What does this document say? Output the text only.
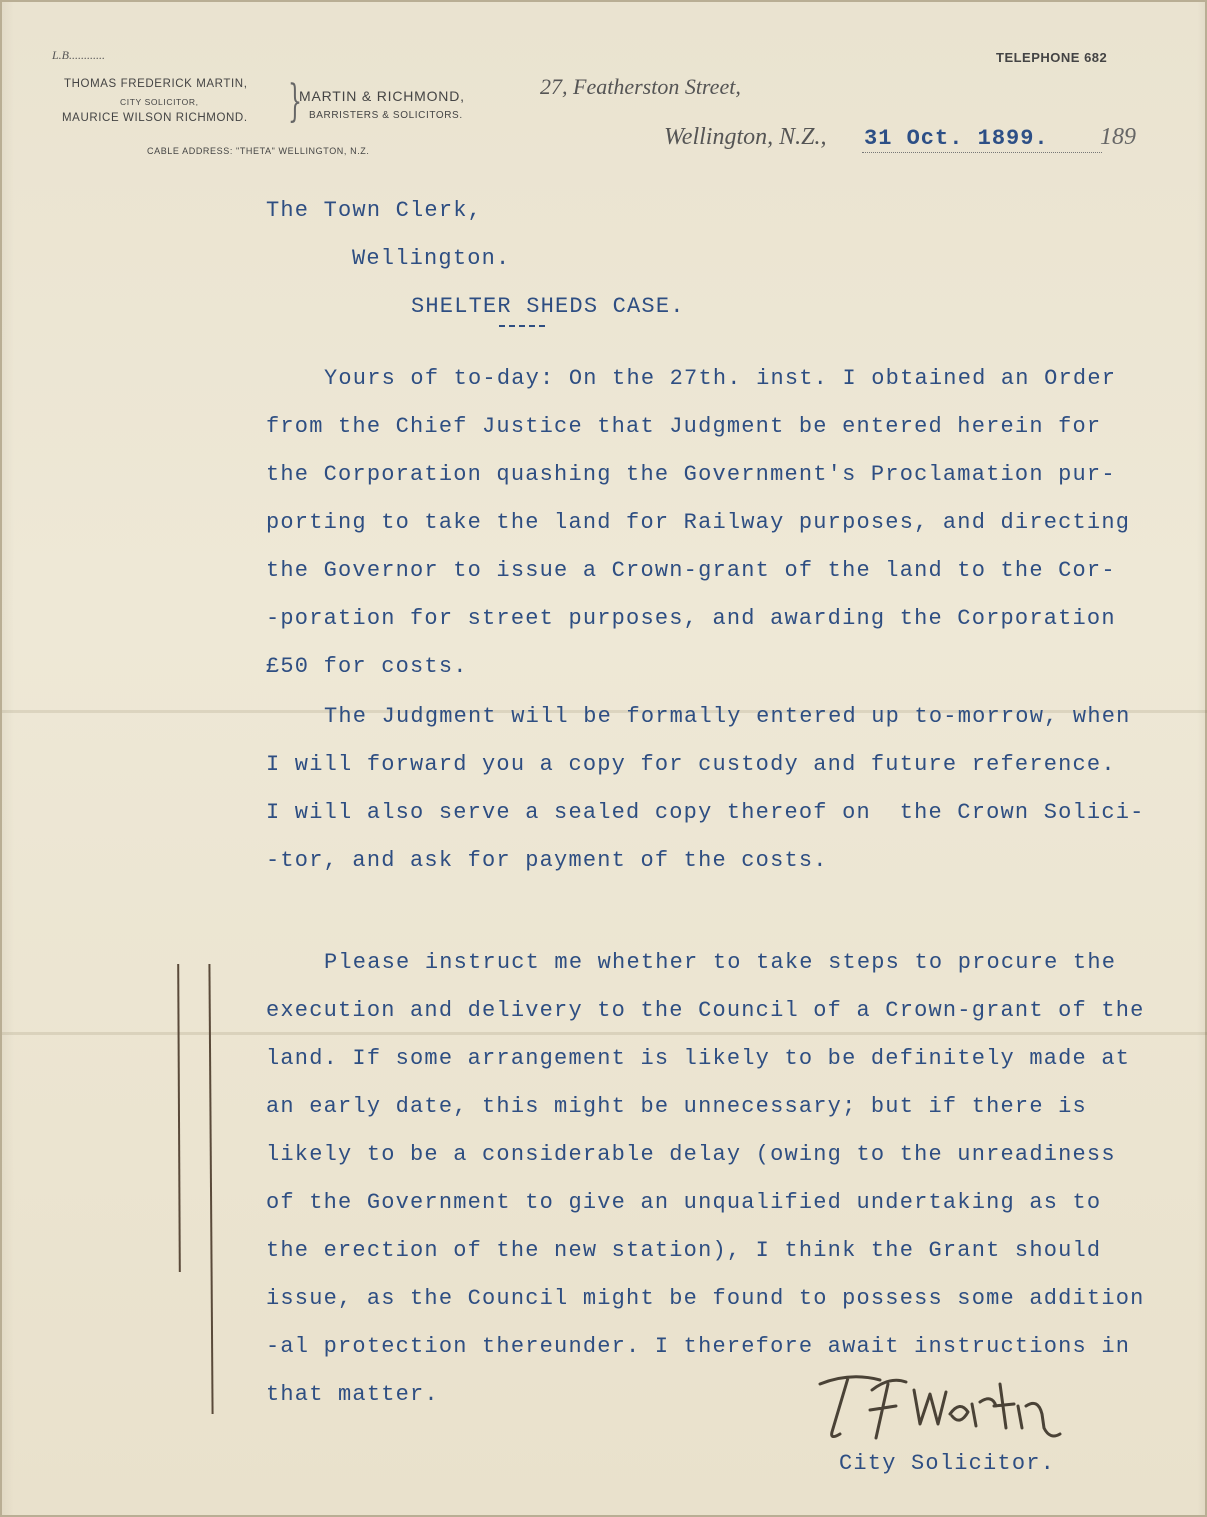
L.B............	TELEPHONE 682
THOMAS FREDERICK MARTIN,
CITY SOLICITOR,
MAURICE WILSON RICHMOND. }
MARTIN & RICHMOND,
BARRISTERS & SOLICITORS.
CABLE ADDRESS: "THETA" WELLINGTON, N.Z.
27, Featherston Street,
Wellington, N.Z., 31 Oct. 1899. 189
The Town Clerk,
Wellington.
SHELTER SHEDS CASE.
Yours of to-day: On the 27th. inst. I obtained an Order
from the Chief Justice that Judgment be entered herein for
the Corporation quashing the Government's Proclamation pur-
porting to take the land for Railway purposes, and directing
the Governor to issue a Crown-grant of the land to the Cor-
-poration for street purposes, and awarding the Corporation
£50 for costs.
The Judgment will be formally entered up to-morrow, when
I will forward you a copy for custody and future reference.
I will also serve a sealed copy thereof on  the Crown Solici-
-tor, and ask for payment of the costs.
Please instruct me whether to take steps to procure the
execution and delivery to the Council of a Crown-grant of the
land. If some arrangement is likely to be definitely made at
an early date, this might be unnecessary; but if there is
likely to be a considerable delay (owing to the unreadiness
of the Government to give an unqualified undertaking as to
the erection of the new station), I think the Grant should
issue, as the Council might be found to possess some addition
-al protection thereunder. I therefore await instructions in
that matter.
City Solicitor.
